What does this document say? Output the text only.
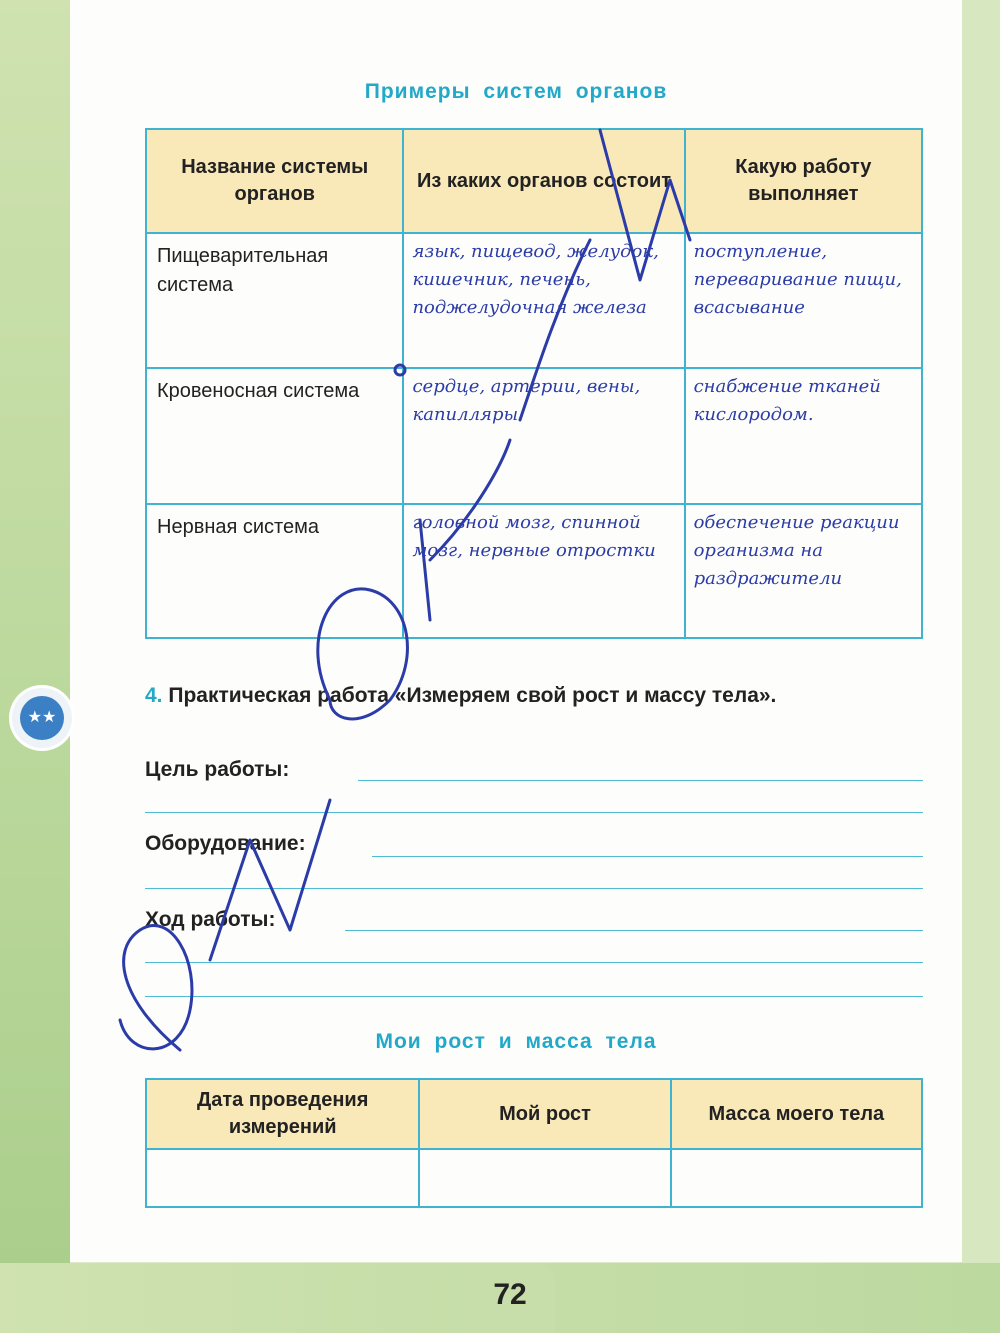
Примеры систем органов
Название системы органов	Из каких органов состоит	Какую работу выполняет
Пищеварительная система	язык, пищевод, желудок, кишечник, печень, поджелудочная железа	поступление, переваривание пищи, всасывание
Кровеносная система	сердце, артерии, вены, капилляры	снабжение тканей кислородом.
Нервная система	головной мозг, спинной мозг, нервные отростки	обеспечение реакции организма на раздражители
★★
4. Практическая работа «Измеряем свой рост и массу тела».
Цель работы:
Оборудование:
Ход работы:
Мои рост и масса тела
Дата проведения измерений	Мой рост	Масса моего тела

72
